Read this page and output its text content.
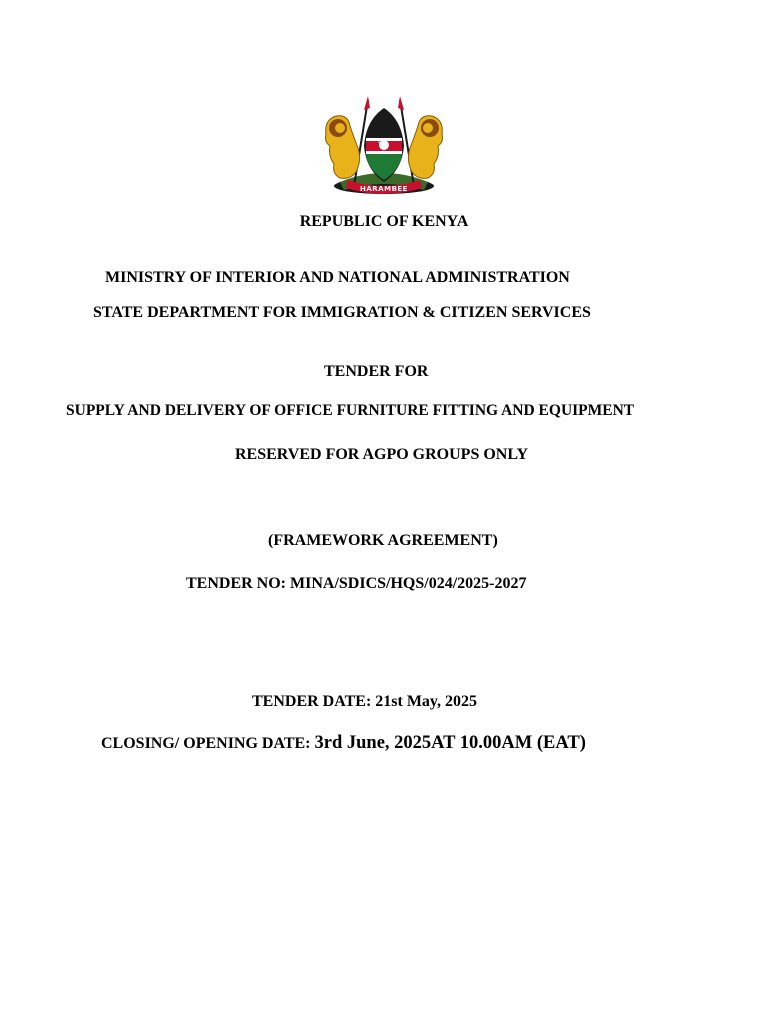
HARAMBEE
REPUBLIC OF KENYA
MINISTRY OF INTERIOR AND NATIONAL ADMINISTRATION
STATE DEPARTMENT FOR IMMIGRATION & CITIZEN SERVICES
TENDER FOR
SUPPLY AND DELIVERY OF OFFICE FURNITURE FITTING AND EQUIPMENT
RESERVED FOR AGPO GROUPS ONLY
(FRAMEWORK AGREEMENT)
TENDER NO: MINA/SDICS/HQS/024/2025-2027
TENDER DATE: 21st May, 2025
CLOSING/ OPENING DATE: 3rd June, 2025AT 10.00AM (EAT)
